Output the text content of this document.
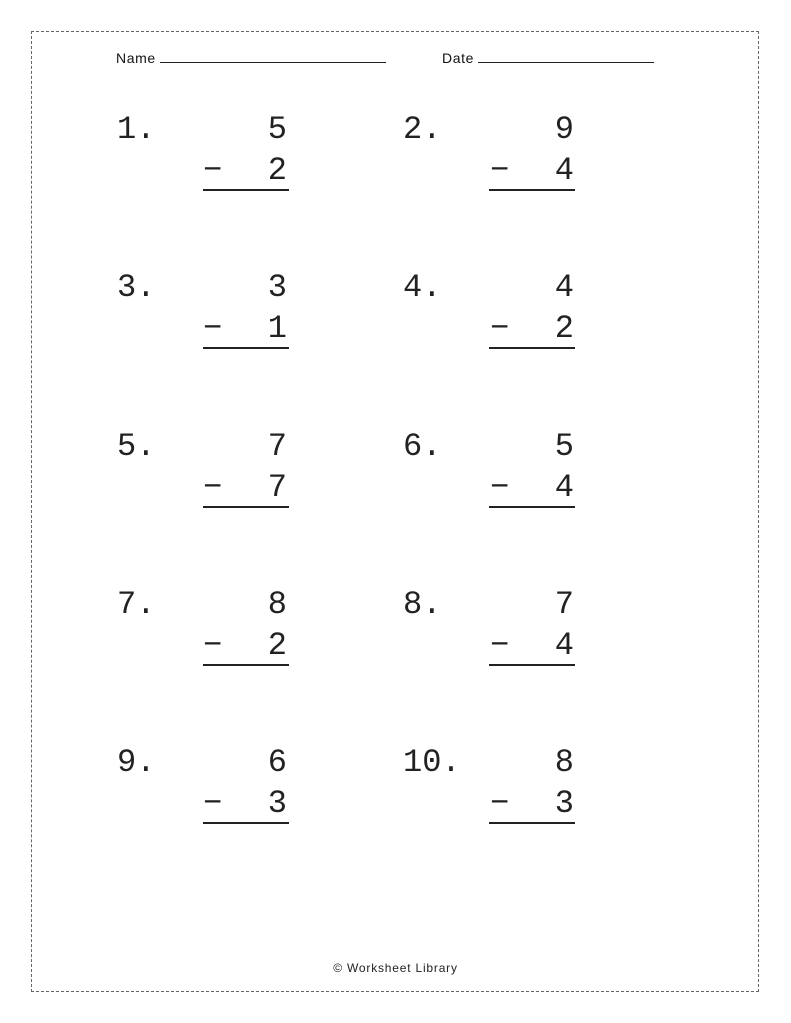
Name	Date
1.	5
−	2
2.	9
−	4
3.	3
−	1
4.	4
−	2
5.	7
−	7
6.	5
−	4
7.	8
−	2
8.	7
−	4
9.	6
−	3
10.	8
−	3
© Worksheet Library
